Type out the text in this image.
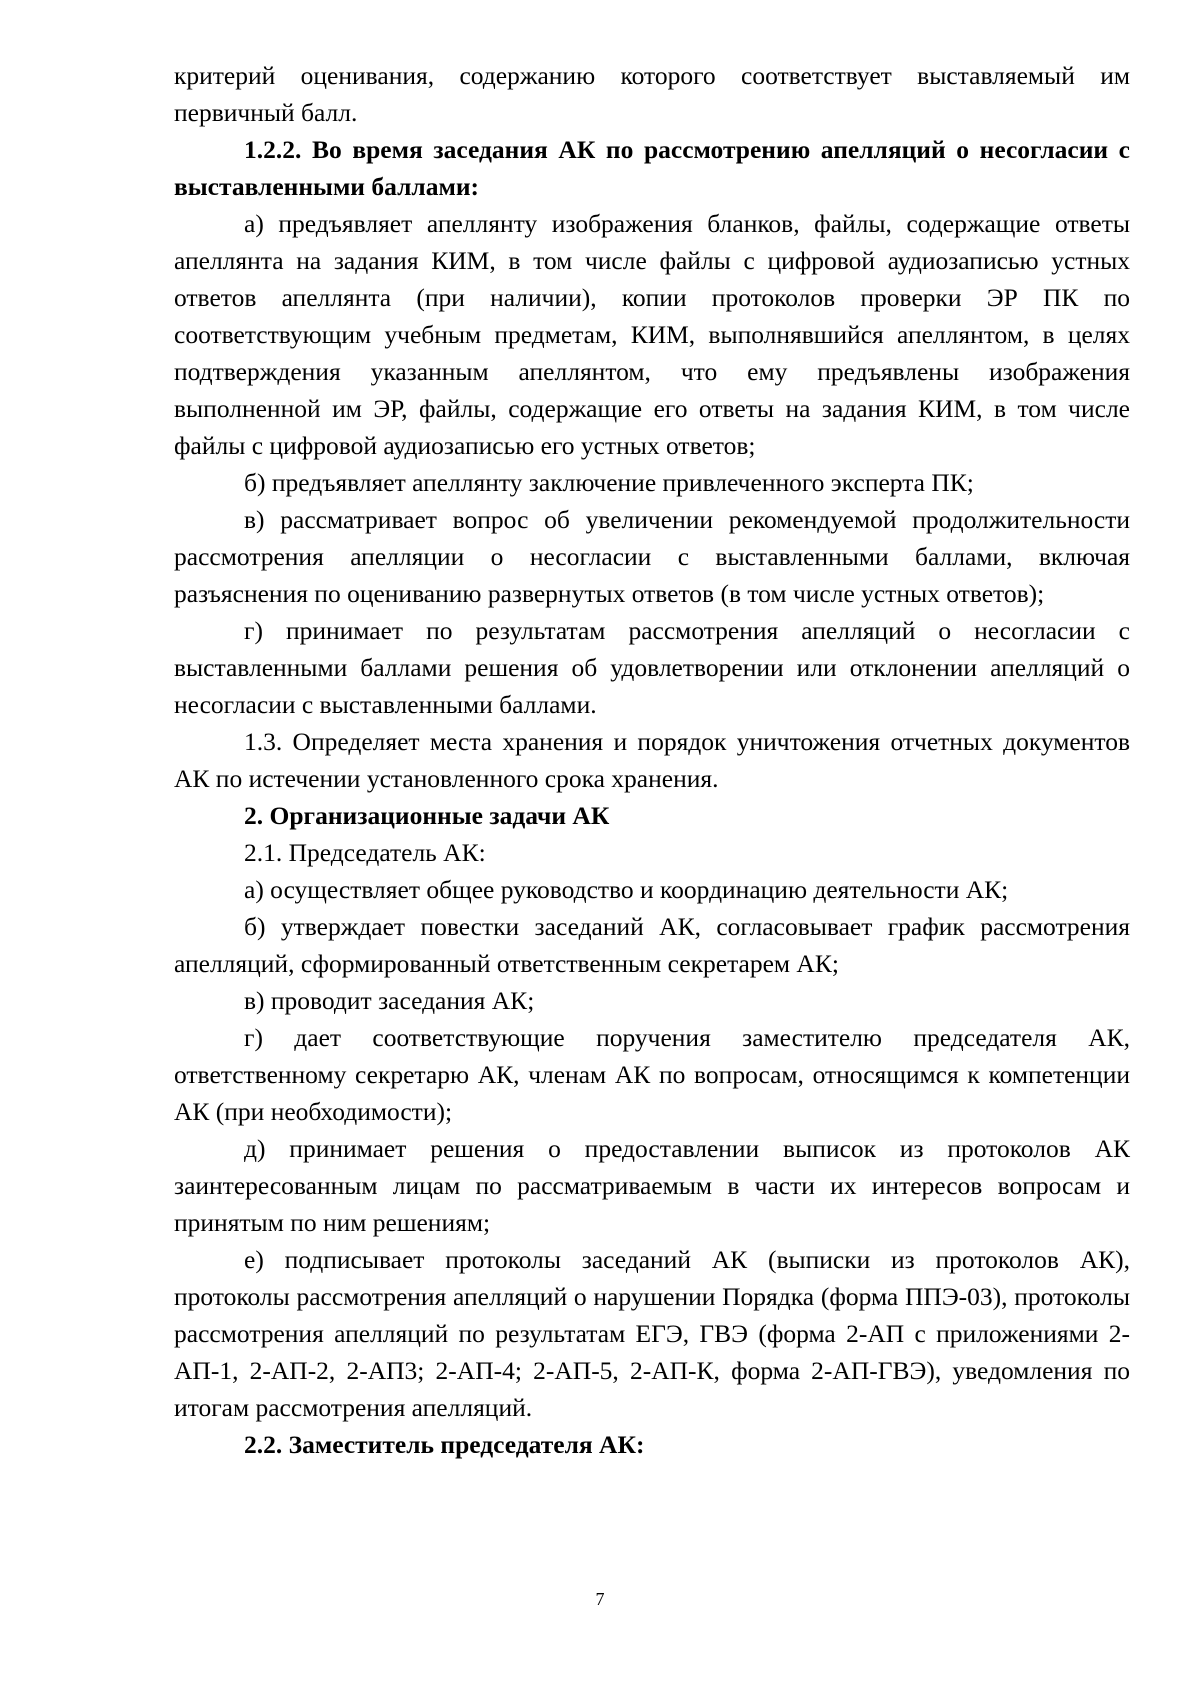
критерий оценивания, содержанию которого соответствует выставляемый им первичный балл.

1.2.2. Во время заседания АК по рассмотрению апелляций о несогласии с выставленными баллами:

а) предъявляет апеллянту изображения бланков, файлы, содержащие ответы апеллянта на задания КИМ, в том числе файлы с цифровой аудиозаписью устных ответов апеллянта (при наличии), копии протоколов проверки ЭР ПК по соответствующим учебным предметам, КИМ, выполнявшийся апеллянтом, в целях подтверждения указанным апеллянтом, что ему предъявлены изображения выполненной им ЭР, файлы, содержащие его ответы на задания КИМ, в том числе файлы с цифровой аудиозаписью его устных ответов;

б) предъявляет апеллянту заключение привлеченного эксперта ПК;

в) рассматривает вопрос об увеличении рекомендуемой продолжительности рассмотрения апелляции о несогласии с выставленными баллами, включая разъяснения по оцениванию развернутых ответов (в том числе устных ответов);

г) принимает по результатам рассмотрения апелляций о несогласии с выставленными баллами решения об удовлетворении или отклонении апелляций о несогласии с выставленными баллами.

1.3. Определяет места хранения и порядок уничтожения отчетных документов АК по истечении установленного срока хранения.

2. Организационные задачи АК

2.1. Председатель АК:

а) осуществляет общее руководство и координацию деятельности АК;

б) утверждает повестки заседаний АК, согласовывает график рассмотрения апелляций, сформированный ответственным секретарем АК;

в) проводит заседания АК;

г) дает соответствующие поручения заместителю председателя АК, ответственному секретарю АК, членам АК по вопросам, относящимся к компетенции АК (при необходимости);

д) принимает решения о предоставлении выписок из протоколов АК заинтересованным лицам по рассматриваемым в части их интересов вопросам и принятым по ним решениям;

е) подписывает протоколы заседаний АК (выписки из протоколов АК), протоколы рассмотрения апелляций о нарушении Порядка (форма ППЭ-03), протоколы рассмотрения апелляций по результатам ЕГЭ, ГВЭ (форма 2-АП с приложениями 2-АП-1, 2-АП-2, 2-АП3; 2-АП-4; 2-АП-5, 2-АП-К, форма 2-АП-ГВЭ), уведомления по итогам рассмотрения апелляций.

2.2. Заместитель председателя АК:

7
